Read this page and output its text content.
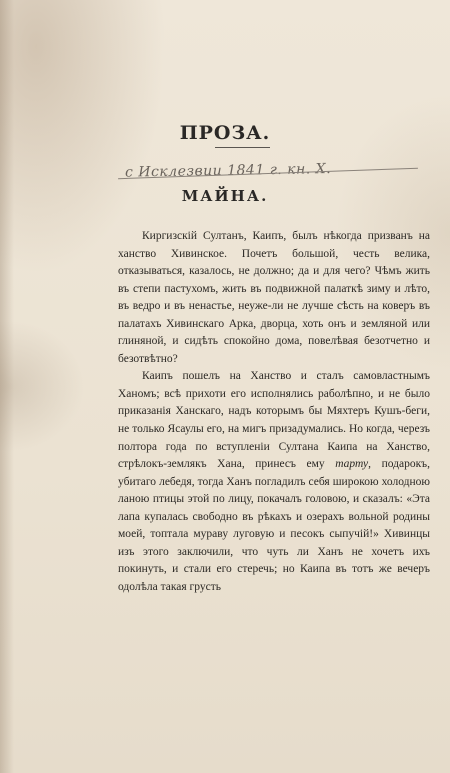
ПРОЗА.
с Исклезвии 1841 г. кн. X.
МАЙНА.

Киргизскій Султанъ, Каипъ, былъ нѣкогда призванъ на ханство Хивинское. Почетъ большой, честь велика, отказываться, казалось, не должно; да и для чего? Чѣмъ жить въ степи пастухомъ, жить въ подвижной палаткѣ зиму и лѣто, въ ведро и въ ненастье, неуже-ли не лучше сѣсть на коверъ въ палатахъ Хивинскаго Арка, дворца, хоть онъ и земляной или глиняной, и сидѣть спокойно дома, повелѣвая безотчетно и безотвѣтно?

Каипъ пошелъ на Ханство и сталъ самовластнымъ Ханомъ; всѣ прихоти его исполнялись раболѣпно, и не было приказанія Ханскаго, надъ которымъ бы Мяхтеръ Кушъ-беги, не только Ясаулы его, на мигъ призадумались. Но когда, черезъ полтора года по вступленіи Султана Каипа на Ханство, стрѣлокъ-землякъ Хана, принесъ ему тарту, подарокъ, убитаго лебедя, тогда Ханъ погладилъ себя широкою холодною ланою птицы этой по лицу, покачалъ головою, и сказалъ: «Эта лапа купалась свободно въ рѣкахъ и озерахъ вольной родины моей, топтала мураву луговую и песокъ сыпучій!» Хивинцы изъ этого заключили, что чуть ли Ханъ не хочетъ ихъ покинуть, и стали его стеречь; но Каипа въ тотъ же вечеръ одолѣла такая грусть
